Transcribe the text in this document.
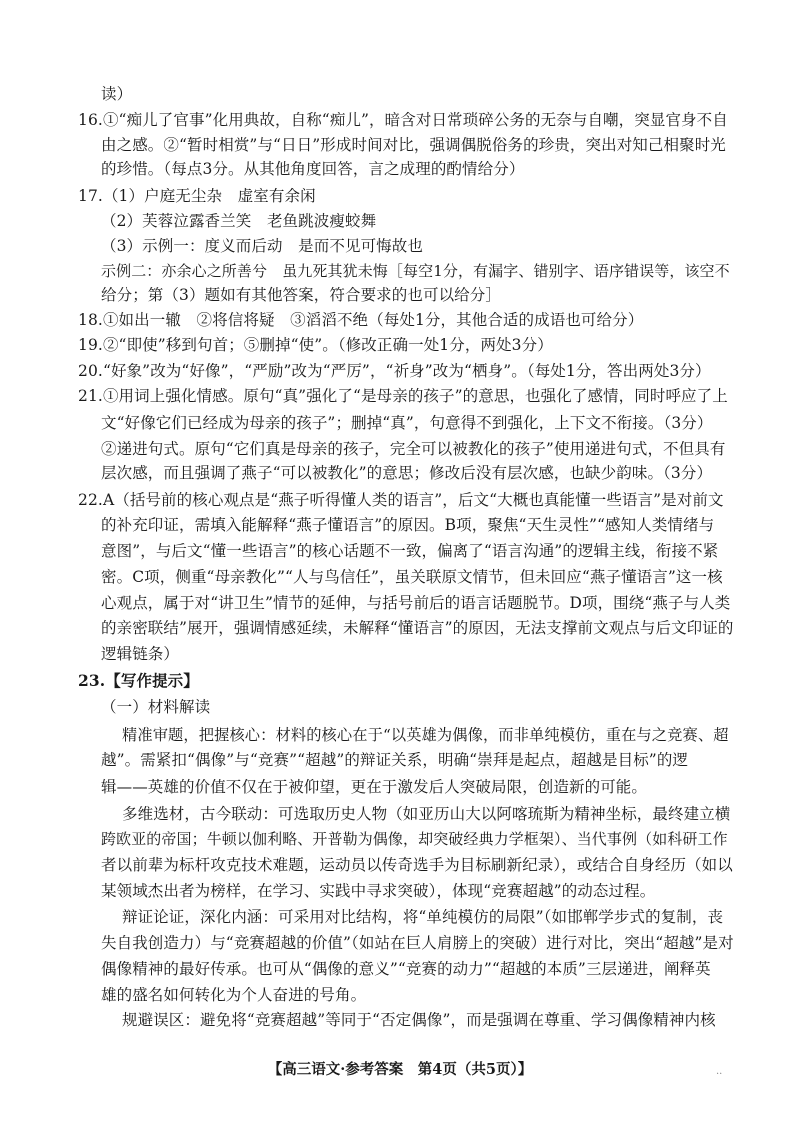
读）
16.①“痴儿了官事”化用典故，自称“痴儿”，暗含对日常琐碎公务的无奈与自嘲，突显官身不自
由之感。②“暂时相赏”与“日日”形成时间对比，强调偶脱俗务的珍贵，突出对知己相聚时光
的珍惜。（每点3分。从其他角度回答，言之成理的酌情给分）
17.（1）户庭无尘杂　虚室有余闲
（2）芙蓉泣露香兰笑　老鱼跳波瘦蛟舞
（3）示例一：度义而后动　是而不见可悔故也
示例二：亦余心之所善兮　虽九死其犹未悔［每空1分，有漏字、错别字、语序错误等，该空不
给分；第（3）题如有其他答案，符合要求的也可以给分］
18.①如出一辙　②将信将疑　③滔滔不绝（每处1分，其他合适的成语也可给分）
19.②“即使”移到句首；⑤删掉“使”。（修改正确一处1分，两处3分）
20.“好象”改为“好像”，“严励”改为“严厉”，“祈身”改为“栖身”。（每处1分，答出两处3分）
21.①用词上强化情感。原句“真”强化了“是母亲的孩子”的意思，也强化了感情，同时呼应了上
文“好像它们已经成为母亲的孩子”；删掉“真”，句意得不到强化，上下文不衔接。（3分）
②递进句式。原句“它们真是母亲的孩子，完全可以被教化的孩子”使用递进句式，不但具有
层次感，而且强调了燕子“可以被教化”的意思；修改后没有层次感，也缺少韵味。（3分）
22.A（括号前的核心观点是“燕子听得懂人类的语言”，后文“大概也真能懂一些语言”是对前文
的补充印证，需填入能解释“燕子懂语言”的原因。B项，聚焦“天生灵性”“感知人类情绪与
意图”，与后文“懂一些语言”的核心话题不一致，偏离了“语言沟通”的逻辑主线，衔接不紧
密。C项，侧重“母亲教化”“人与鸟信任”，虽关联原文情节，但未回应“燕子懂语言”这一核
心观点，属于对“讲卫生”情节的延伸，与括号前后的语言话题脱节。D项，围绕“燕子与人类
的亲密联结”展开，强调情感延续，未解释“懂语言”的原因，无法支撑前文观点与后文印证的
逻辑链条）
23.【写作提示】
（一）材料解读
精准审题，把握核心：材料的核心在于“以英雄为偶像，而非单纯模仿，重在与之竞赛、超
越”。需紧扣“偶像”与“竞赛”“超越”的辩证关系，明确“崇拜是起点，超越是目标”的逻
辑——英雄的价值不仅在于被仰望，更在于激发后人突破局限，创造新的可能。
多维选材，古今联动：可选取历史人物（如亚历山大以阿喀琉斯为精神坐标，最终建立横
跨欧亚的帝国；牛顿以伽利略、开普勒为偶像，却突破经典力学框架）、当代事例（如科研工作
者以前辈为标杆攻克技术难题，运动员以传奇选手为目标刷新纪录），或结合自身经历（如以
某领域杰出者为榜样，在学习、实践中寻求突破），体现“竞赛超越”的动态过程。
辩证论证，深化内涵：可采用对比结构，将“单纯模仿的局限”（如邯郸学步式的复制，丧
失自我创造力）与“竞赛超越的价值”（如站在巨人肩膀上的突破）进行对比，突出“超越”是对
偶像精神的最好传承。也可从“偶像的意义”“竞赛的动力”“超越的本质”三层递进，阐释英
雄的盛名如何转化为个人奋进的号角。
规避误区：避免将“竞赛超越”等同于“否定偶像”，而是强调在尊重、学习偶像精神内核
【高三语文·参考答案　第4页（共5页）】	..
